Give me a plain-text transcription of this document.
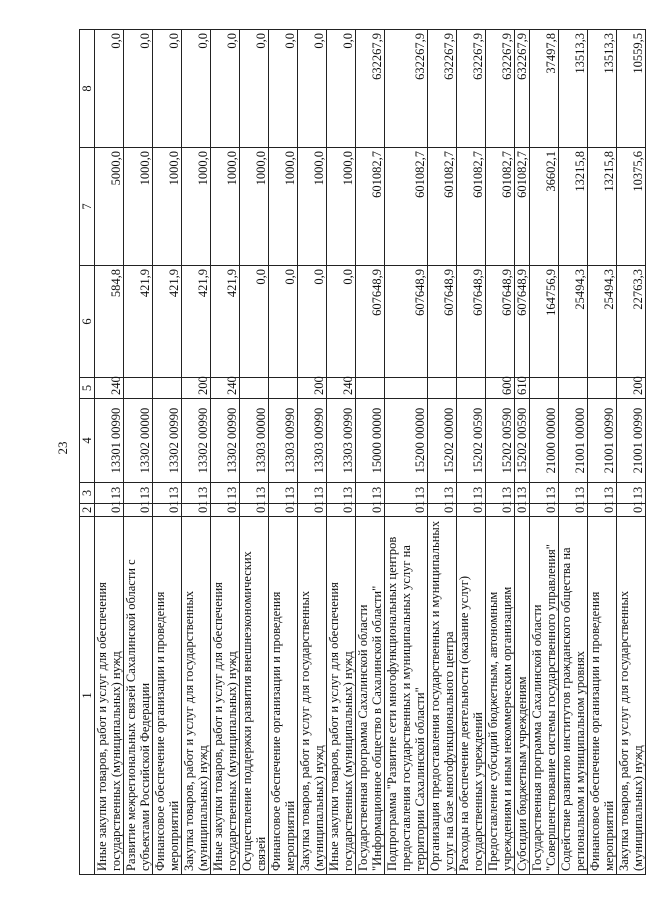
23
1	2	3	4	5	6	7	8
Иные закупки товаров, работ и услуг для обеспечения государственных (муниципальных) нужд	01	13	13301 00990	240	584,8	5000,0	0,0
Развитие межрегиональных связей Сахалинской области с субъектами Российской Федерации	01	13	13302 00000		421,9	1000,0	0,0
Финансовое обеспечение организации и проведения мероприятий	01	13	13302 00990		421,9	1000,0	0,0
Закупка товаров, работ и услуг для государственных (муниципальных) нужд	01	13	13302 00990	200	421,9	1000,0	0,0
Иные закупки товаров, работ и услуг для обеспечения государственных (муниципальных) нужд	01	13	13302 00990	240	421,9	1000,0	0,0
Осуществление поддержки развития внешнеэкономических связей	01	13	13303 00000		0,0	1000,0	0,0
Финансовое обеспечение организации и проведения мероприятий	01	13	13303 00990		0,0	1000,0	0,0
Закупка товаров, работ и услуг для государственных (муниципальных) нужд	01	13	13303 00990	200	0,0	1000,0	0,0
Иные закупки товаров, работ и услуг для обеспечения государственных (муниципальных) нужд	01	13	13303 00990	240	0,0	1000,0	0,0
Государственная программа Сахалинской области "Информационное общество в Сахалинской области"	01	13	15000 00000		607648,9	601082,7	632267,9
Подпрограмма "Развитие сети многофункциональных центров предоставления государственных и муниципальных услуг на территории Сахалинской области"	01	13	15200 00000		607648,9	601082,7	632267,9
Организация предоставления государственных и муниципальных услуг на базе многофункционального центра	01	13	15202 00000		607648,9	601082,7	632267,9
Расходы на обеспечение деятельности (оказание услуг) государственных учреждений	01	13	15202 00590		607648,9	601082,7	632267,9
Предоставление субсидий бюджетным, автономным учреждениям и иным некоммерческим организациям	01	13	15202 00590	600	607648,9	601082,7	632267,9
Субсидии бюджетным учреждениям	01	13	15202 00590	610	607648,9	601082,7	632267,9
Государственная программа Сахалинской области "Совершенствование системы государственного управления"	01	13	21000 00000		164756,9	36602,1	37497,8
Содействие развитию институтов гражданского общества на региональном и муниципальном уровнях	01	13	21001 00000		25494,3	13215,8	13513,3
Финансовое обеспечение организации и проведения мероприятий	01	13	21001 00990		25494,3	13215,8	13513,3
Закупка товаров, работ и услуг для государственных (муниципальных) нужд	01	13	21001 00990	200	22763,3	10375,6	10559,5
